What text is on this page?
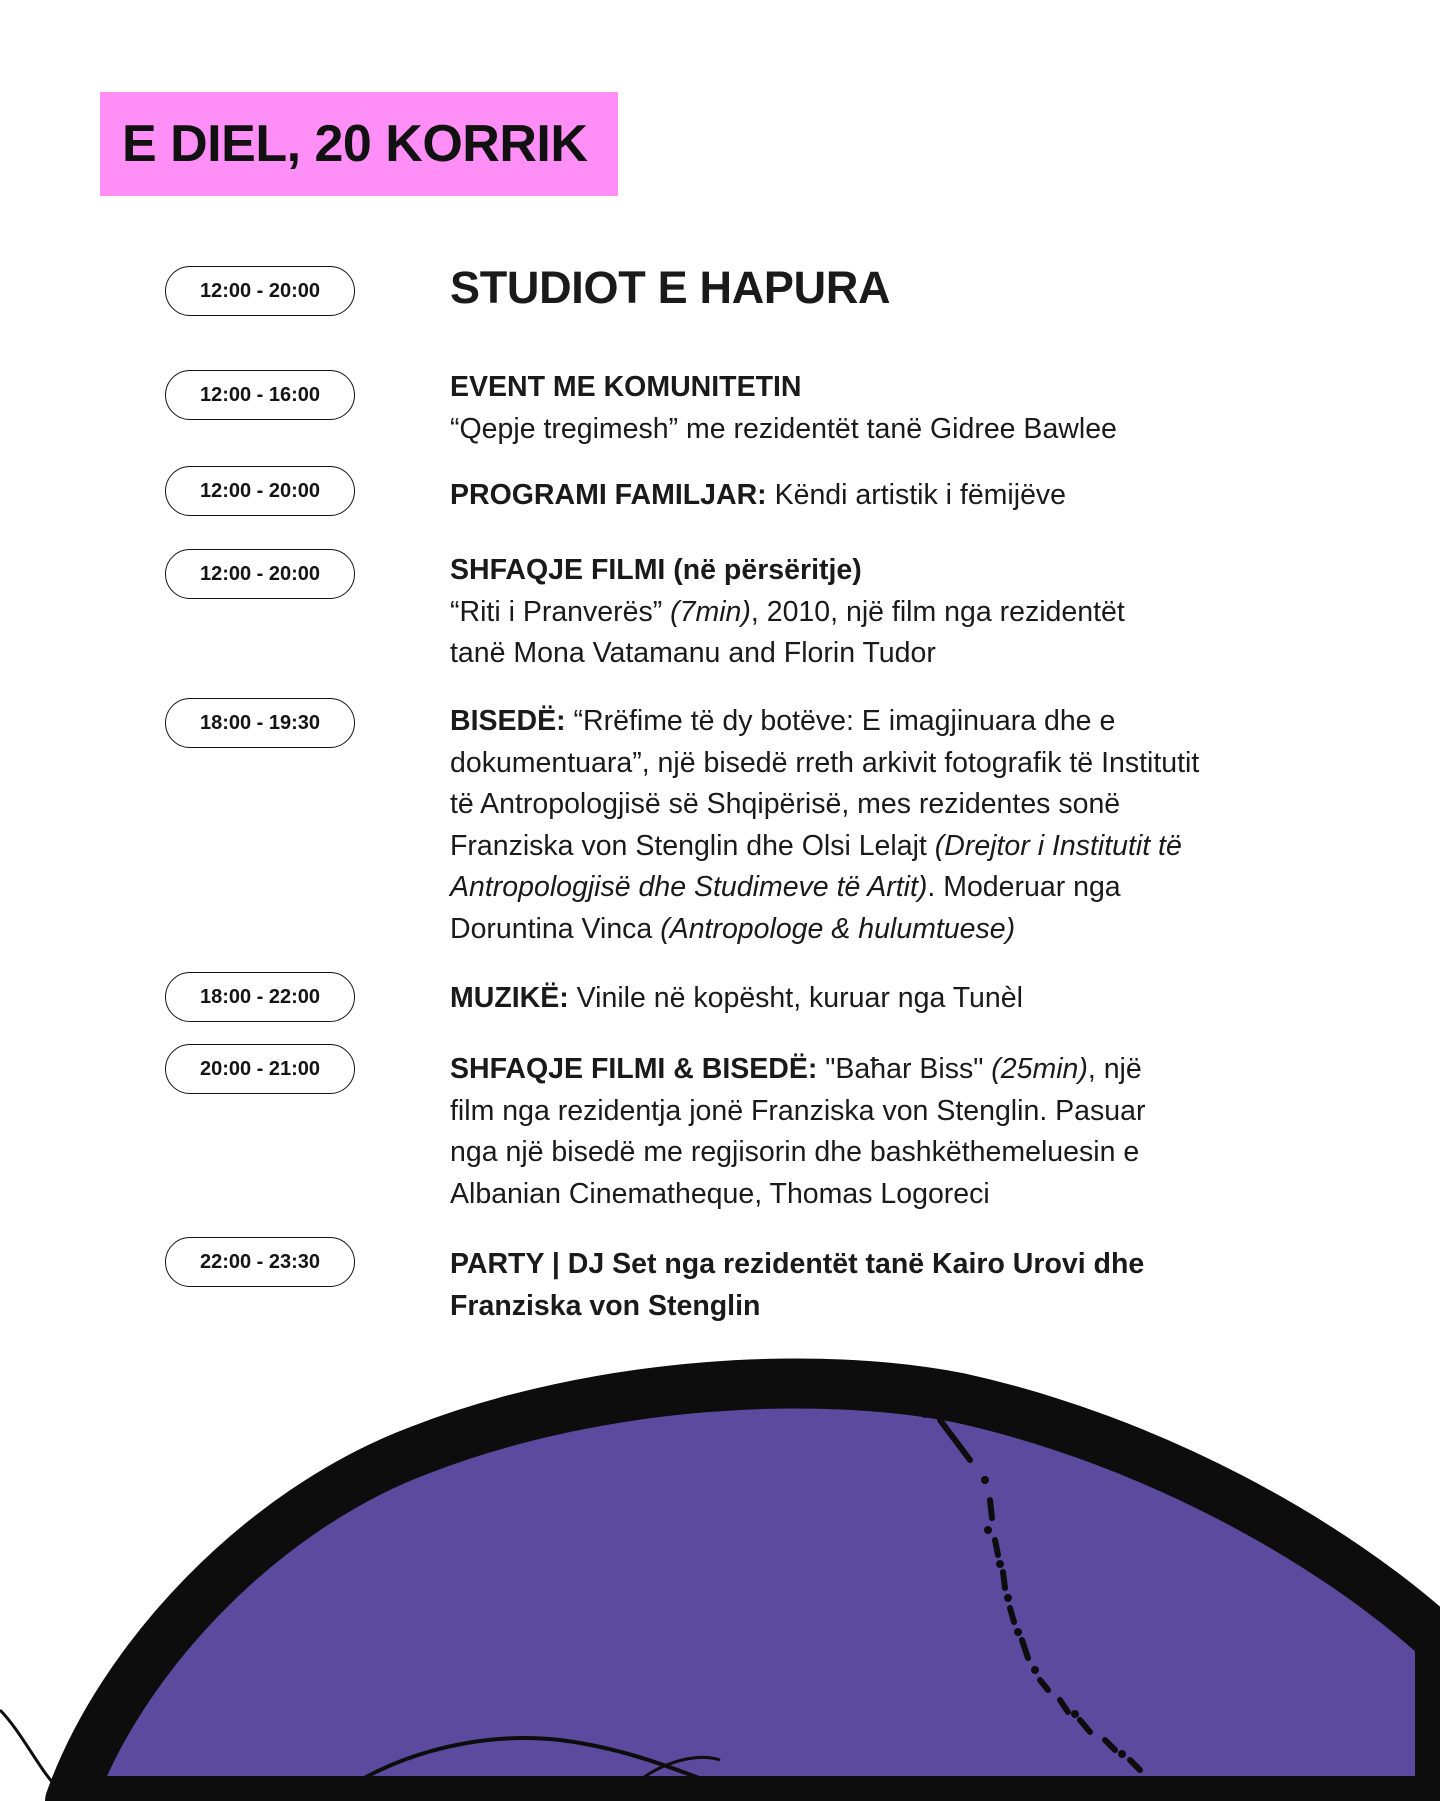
E DIEL, 20 KORRIK
12:00 - 20:00	STUDIOT E HAPURA
12:00 - 16:00	EVENT ME KOMUNITETIN
“Qepje tregimesh” me rezidentët tanë Gidree Bawlee
12:00 - 20:00	PROGRAMI FAMILJAR: Këndi artistik i fëmijëve
12:00 - 20:00	SHFAQJE FILMI (në përsëritje)
“Riti i Pranverës” (7min), 2010, një film nga rezidentët
tanë Mona Vatamanu and Florin Tudor
18:00 - 19:30	BISEDË: “Rrëfime të dy botëve: E imagjinuara dhe e
dokumentuara”, një bisedë rreth arkivit fotografik të Institutit
të Antropologjisë së Shqipërisë, mes rezidentes sonë
Franziska von Stenglin dhe Olsi Lelajt (Drejtor i Institutit të
Antropologjisë dhe Studimeve të Artit). Moderuar nga
Doruntina Vinca (Antropologe & hulumtuese)
18:00 - 22:00	MUZIKË: Vinile në kopësht, kuruar nga Tunèl
20:00 - 21:00	SHFAQJE FILMI & BISEDË: "Baħar Biss" (25min), një
film nga rezidentja jonë Franziska von Stenglin. Pasuar
nga një bisedë me regjisorin dhe bashkëthemeluesin e
Albanian Cinematheque, Thomas Logoreci
22:00 - 23:30	PARTY | DJ Set nga rezidentët tanë Kairo Urovi dhe
Franziska von Stenglin
